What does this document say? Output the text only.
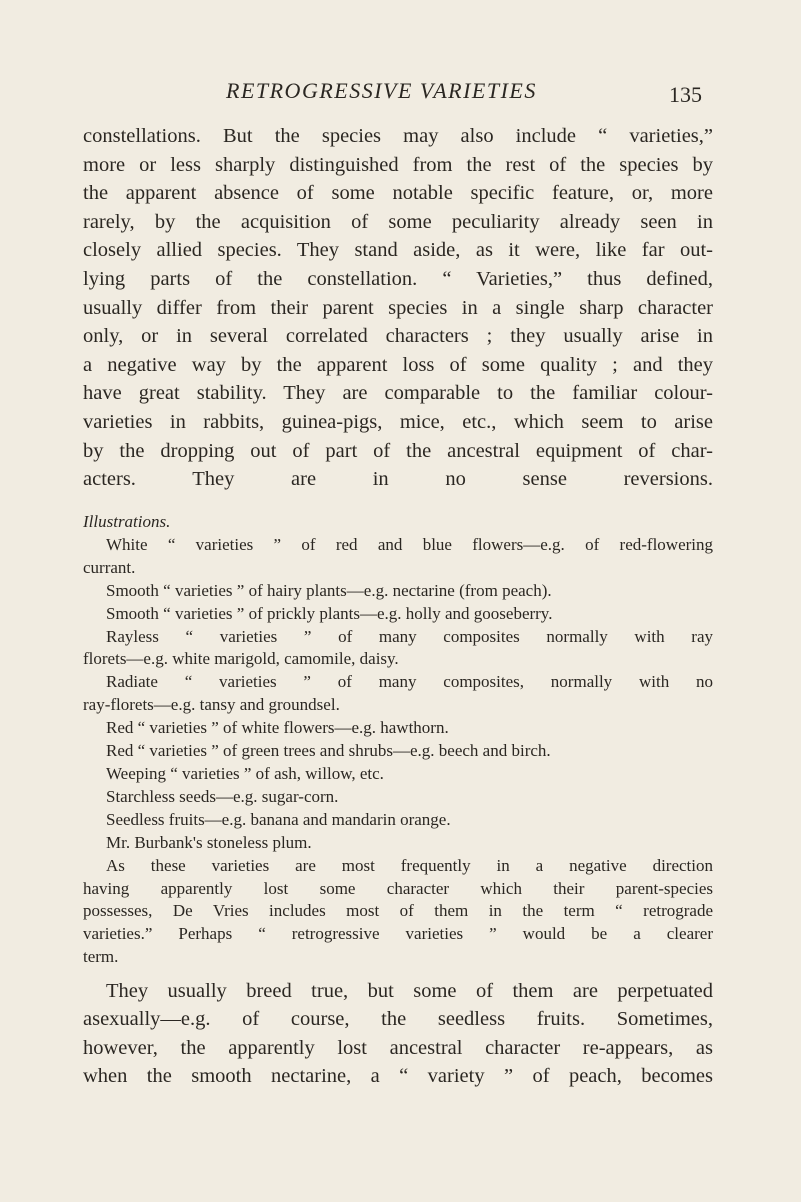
RETROGRESSIVE VARIETIES	135
constellations. But the species may also include “ varieties,”
more or less sharply distinguished from the rest of the species by
the apparent absence of some notable specific feature, or, more
rarely, by the acquisition of some peculiarity already seen in
closely allied species. They stand aside, as it were, like far out-
lying parts of the constellation. “ Varieties,” thus defined,
usually differ from their parent species in a single sharp character
only, or in several correlated characters ; they usually arise in
a negative way by the apparent loss of some quality ; and they
have great stability. They are comparable to the familiar colour-
varieties in rabbits, guinea-pigs, mice, etc., which seem to arise
by the dropping out of part of the ancestral equipment of char-
acters. They are in no sense reversions.
Illustrations.
White “ varieties ” of red and blue flowers—e.g. of red-flowering
currant.
Smooth “ varieties ” of hairy plants—e.g. nectarine (from peach).
Smooth “ varieties ” of prickly plants—e.g. holly and gooseberry.
Rayless “ varieties ” of many composites normally with ray
florets—e.g. white marigold, camomile, daisy.
Radiate “ varieties ” of many composites, normally with no
ray-florets—e.g. tansy and groundsel.
Red “ varieties ” of white flowers—e.g. hawthorn.
Red “ varieties ” of green trees and shrubs—e.g. beech and birch.
Weeping “ varieties ” of ash, willow, etc.
Starchless seeds—e.g. sugar-corn.
Seedless fruits—e.g. banana and mandarin orange.
Mr. Burbank's stoneless plum.
As these varieties are most frequently in a negative direction
having apparently lost some character which their parent-species
possesses, De Vries includes most of them in the term “ retrograde
varieties.” Perhaps “ retrogressive varieties ” would be a clearer
term.
They usually breed true, but some of them are perpetuated
asexually—e.g. of course, the seedless fruits. Sometimes,
however, the apparently lost ancestral character re-appears, as
when the smooth nectarine, a “ variety ” of peach, becomes
